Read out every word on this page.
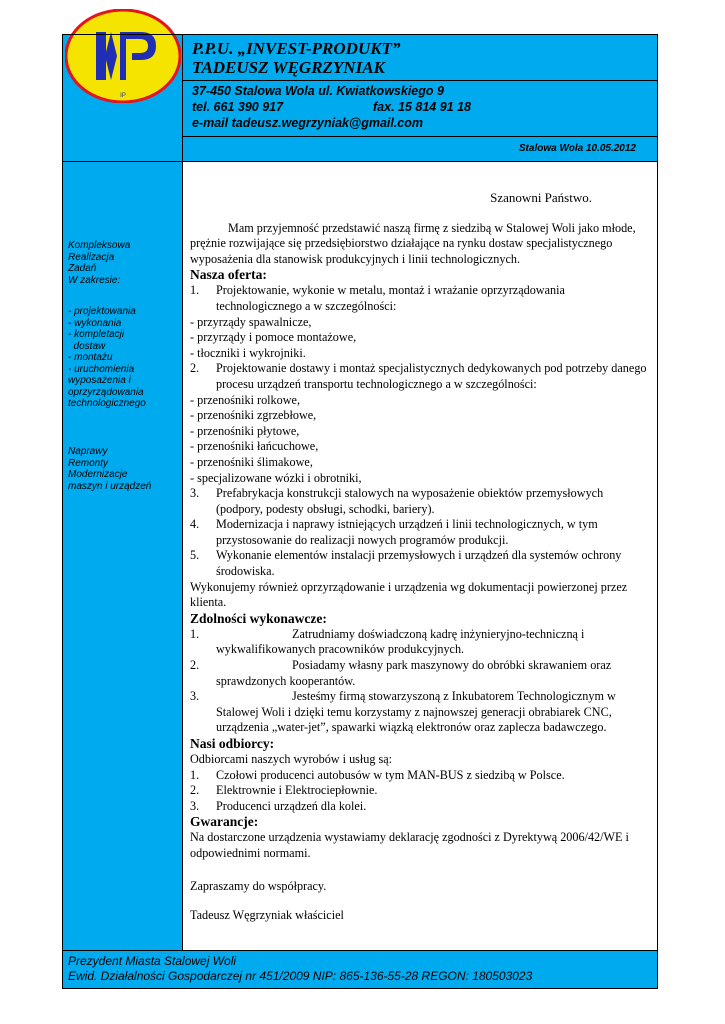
P.P.U. „INVEST-PRODUKT”
TADEUSZ WĘGRZYNIAK
37-450 Stalowa Wola ul. Kwiatkowskiego 9
tel. 661 390 917	fax. 15 814 91 18
e-mail tadeusz.wegrzyniak@gmail.com
Stalowa Wola 10.05.2012
IP
Kompleksowa
Realizacja
Zadań
W zakresie:
- projektowania
- wykonania
- kompletacji
dostaw
- montażu
- uruchomienia
wyposażenia i
oprzyrządowania
technologicznego
Naprawy
Remonty
Modernizacje
maszyn i urządzeń
Prezydent Miasta Stalowej Woli
Ewid. Działalności Gospodarczej nr 451/2009 NIP: 865-136-55-28 REGON: 180503023

Szanowni Państwo.

Mam przyjemność przedstawić naszą firmę z siedzibą w Stalowej Woli jako młode, prężnie rozwijające się przedsiębiorstwo działające na rynku dostaw specjalistycznego wyposażenia dla stanowisk produkcyjnych i linii technologicznych.

Nasza oferta:

1.	Projektowanie, wykonie w metalu, montaż i wrażanie oprzyrządowania technologicznego a w szczególności:

- przyrządy spawalnicze,

- przyrządy i pomoce montażowe,

- tłoczniki i wykrojniki.

2.	Projektowanie dostawy i montaż specjalistycznych dedykowanych pod potrzeby danego procesu urządzeń transportu technologicznego a w szczególności:

- przenośniki rolkowe,

- przenośniki zgrzebłowe,

- przenośniki płytowe,

- przenośniki łańcuchowe,

- przenośniki ślimakowe,

- specjalizowane wózki i obrotniki,

3.	Prefabrykacja konstrukcji stalowych na wyposażenie obiektów przemysłowych (podpory, podesty obsługi, schodki, bariery).
4.	Modernizacja i naprawy istniejących urządzeń i linii technologicznych, w tym przystosowanie do realizacji nowych programów produkcji.
5.	Wykonanie elementów instalacji przemysłowych i urządzeń dla systemów ochrony środowiska.

Wykonujemy również oprzyrządowanie i urządzenia wg dokumentacji powierzonej przez klienta.

Zdolności wykonawcze:

1.	Zatrudniamy doświadczoną kadrę inżynieryjno-techniczną i wykwalifikowanych pracowników produkcyjnych.
2.	Posiadamy własny park maszynowy do obróbki skrawaniem oraz sprawdzonych kooperantów.
3.	Jesteśmy firmą stowarzyszoną z Inkubatorem Technologicznym w Stalowej Woli i dzięki temu korzystamy z najnowszej generacji obrabiarek CNC, urządzenia „water-jet”, spawarki wiązką elektronów oraz zaplecza badawczego.

Nasi odbiorcy:

Odbiorcami naszych wyrobów i usług są:

1.	Czołowi producenci autobusów w tym MAN-BUS z siedzibą w Polsce.
2.	Elektrownie i Elektrociepłownie.
3.	Producenci urządzeń dla kolei.

Gwarancje:

Na dostarczone urządzenia wystawiamy deklarację zgodności z Dyrektywą 2006/42/WE i odpowiednimi normami.

Zapraszamy do współpracy.

Tadeusz Węgrzyniak właściciel
